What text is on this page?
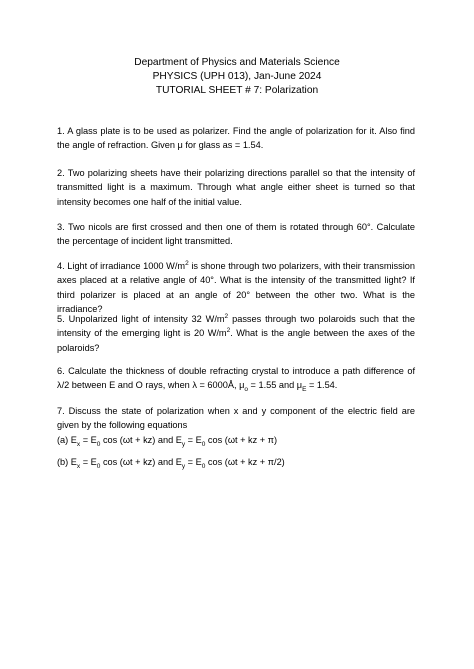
Department of Physics and Materials Science
PHYSICS (UPH 013), Jan-June 2024
TUTORIAL SHEET # 7: Polarization
1. A glass plate is to be used as polarizer. Find the angle of polarization for it. Also find the angle of refraction. Given μ for glass as = 1.54.
2. Two polarizing sheets have their polarizing directions parallel so that the intensity of transmitted light is a maximum. Through what angle either sheet is turned so that intensity becomes one half of the initial value.
3. Two nicols are first crossed and then one of them is rotated through 60°. Calculate the percentage of incident light transmitted.
4. Light of irradiance 1000 $W/m^2$ is shone through two polarizers, with their transmission axes placed at a relative angle of 40°. What is the intensity of the transmitted light? If third polarizer is placed at an angle of 20° between the other two. What is the irradiance?
5. Unpolarized light of intensity 32 $W/m^2$ passes through two polaroids such that the intensity of the emerging light is 20 $W/m^2$. What is the angle between the axes of the polaroids?
6. Calculate the thickness of double refracting crystal to introduce a path difference of λ/2 between E and O rays, when λ = 6000Å, $\mu_o = 1.55$ and $\mu_E = 1.54$.
7. Discuss the state of polarization when x and y component of the electric field are given by the following equations
(a) $E_x = E_0$ cos (ωt + kz) and $E_y = E_0$ cos (ωt + kz + π)
(b) $E_x = E_0$ cos (ωt + kz) and $E_y = E_0$ cos (ωt + kz + π/2)
